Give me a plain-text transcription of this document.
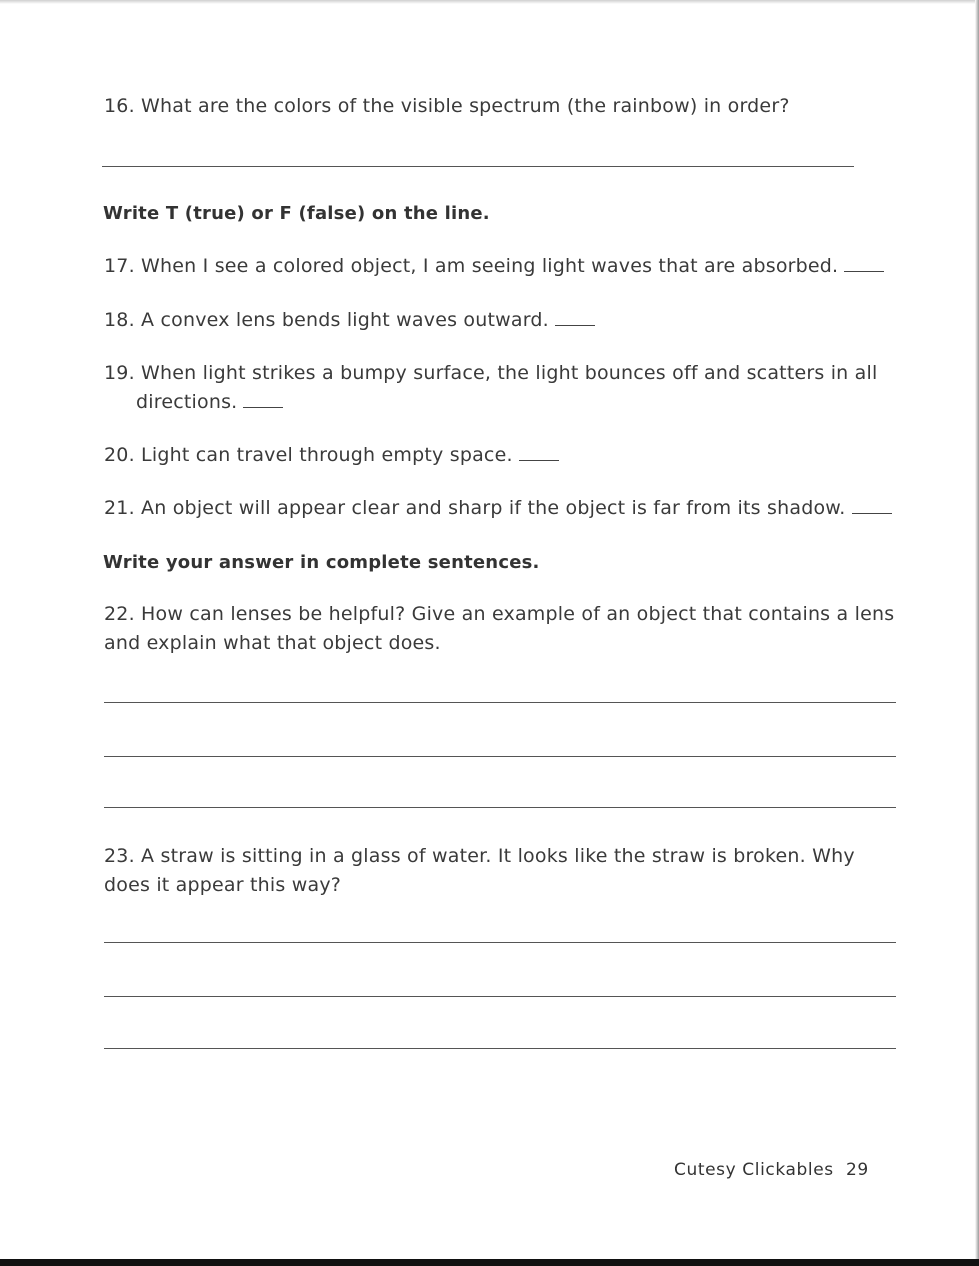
16. What are the colors of the visible spectrum (the rainbow) in order?
Write T (true) or F (false) on the line.
17. When I see a colored object, I am seeing light waves that are absorbed.
18. A convex lens bends light waves outward.
19. When light strikes a bumpy surface, the light bounces off and scatters in all
directions.
20. Light can travel through empty space.
21. An object will appear clear and sharp if the object is far from its shadow.
Write your answer in complete sentences.
22. How can lenses be helpful? Give an example of an object that contains a lens
and explain what that object does.
23. A straw is sitting in a glass of water. It looks like the straw is broken. Why
does it appear this way?
Cutesy Clickables 29
